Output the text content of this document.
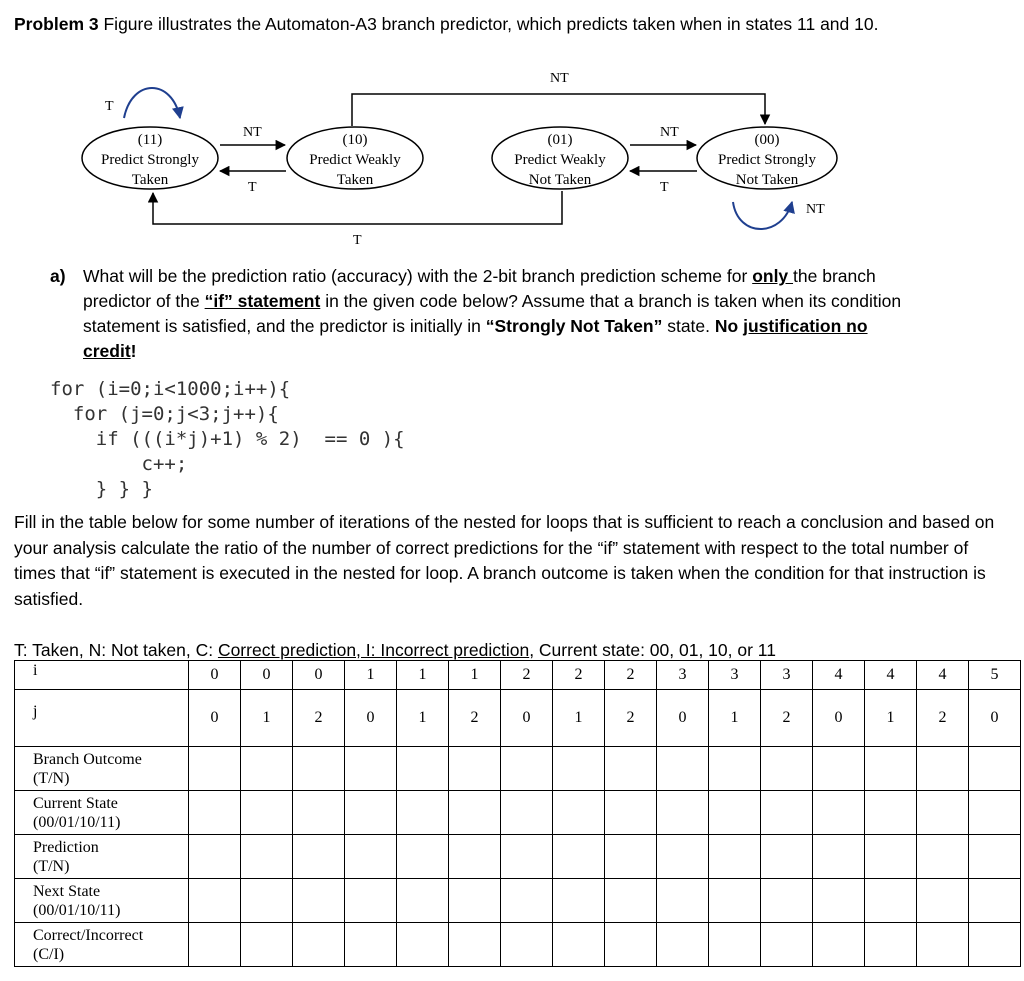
Problem 3 Figure illustrates the Automaton-A3 branch predictor, which predicts taken when in states 11 and 10.
T
(11)
Predict Strongly
Taken
(10)
Predict Weakly
Taken
(01)
Predict Weakly
Not Taken
(00)
Predict Strongly
Not Taken
NT
T
NT
NT
T
NT
T
a) What will be the prediction ratio (accuracy) with the 2-bit branch prediction scheme for only the branch predictor of the “if” statement in the given code below? Assume that a branch is taken when its condition statement is satisfied, and the predictor is initially in “Strongly Not Taken” state. No justification no credit!
for (i=0;i<1000;i++){
for (j=0;j<3;j++){
if (((i*j)+1) % 2)  == 0 ){
c++;
} } }
Fill in the table below for some number of iterations of the nested for loops that is sufficient to reach a conclusion and based on your analysis calculate the ratio of the number of correct predictions for the “if” statement with respect to the total number of times that “if” statement is executed in the nested for loop. A branch outcome is taken when the condition for that instruction is satisfied.
T: Taken, N: Not taken, C: Correct prediction, I: Incorrect prediction, Current state: 00, 01, 10, or 11
i	0	0	0	1	1	1	2	2	2	3	3	3	4	4	4	5
j	0	1	2	0	1	2	0	1	2	0	1	2	0	1	2	0

Branch Outcome
(T/N)																

Current State
(00/01/10/11)																

Prediction
(T/N)																

Next State
(00/01/10/11)																

Correct/Incorrect
(C/I)																
